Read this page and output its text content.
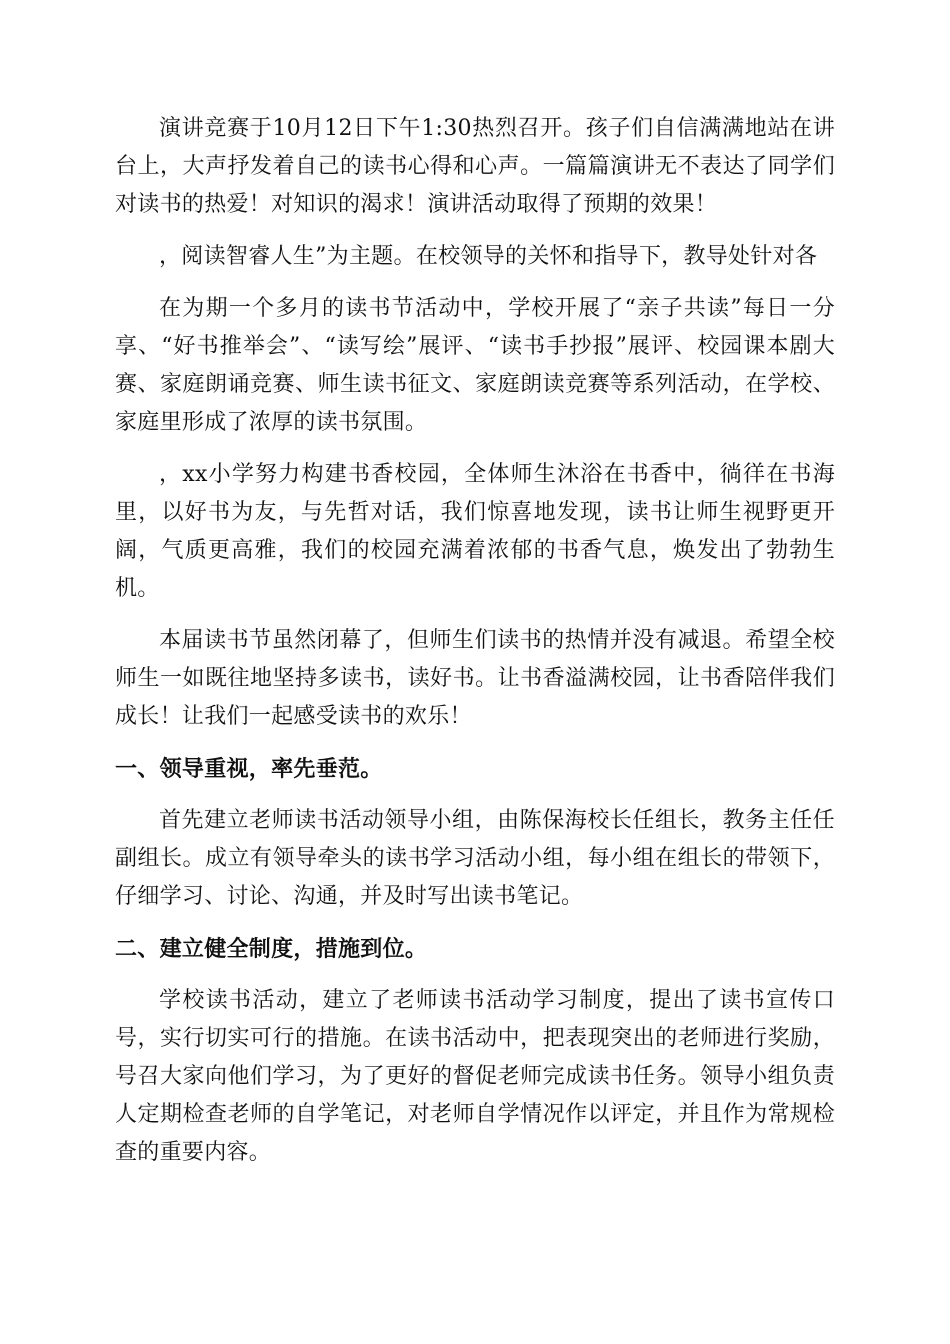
演讲竞赛于10月12日下午1:30热烈召开。孩子们自信满满地站在讲台上，大声抒发着自己的读书心得和心声。一篇篇演讲无不表达了同学们对读书的热爱！对知识的渴求！演讲活动取得了预期的效果！

，阅读智睿人生”为主题。在校领导的关怀和指导下，教导处针对各

在为期一个多月的读书节活动中，学校开展了“亲子共读”每日一分享、“好书推举会”、“读写绘”展评、“读书手抄报”展评、校园课本剧大赛、家庭朗诵竞赛、师生读书征文、家庭朗读竞赛等系列活动，在学校、家庭里形成了浓厚的读书氛围。

，xx小学努力构建书香校园，全体师生沐浴在书香中，徜徉在书海里，以好书为友，与先哲对话，我们惊喜地发现，读书让师生视野更开阔，气质更高雅，我们的校园充满着浓郁的书香气息，焕发出了勃勃生机。

本届读书节虽然闭幕了，但师生们读书的热情并没有减退。希望全校师生一如既往地坚持多读书，读好书。让书香溢满校园，让书香陪伴我们成长！让我们一起感受读书的欢乐！

一、领导重视，率先垂范。

首先建立老师读书活动领导小组，由陈保海校长任组长，教务主任任副组长。成立有领导牵头的读书学习活动小组，每小组在组长的带领下，仔细学习、讨论、沟通，并及时写出读书笔记。

二、建立健全制度，措施到位。

学校读书活动，建立了老师读书活动学习制度，提出了读书宣传口号，实行切实可行的措施。在读书活动中，把表现突出的老师进行奖励，号召大家向他们学习，为了更好的督促老师完成读书任务。领导小组负责人定期检查老师的自学笔记，对老师自学情况作以评定，并且作为常规检查的重要内容。
